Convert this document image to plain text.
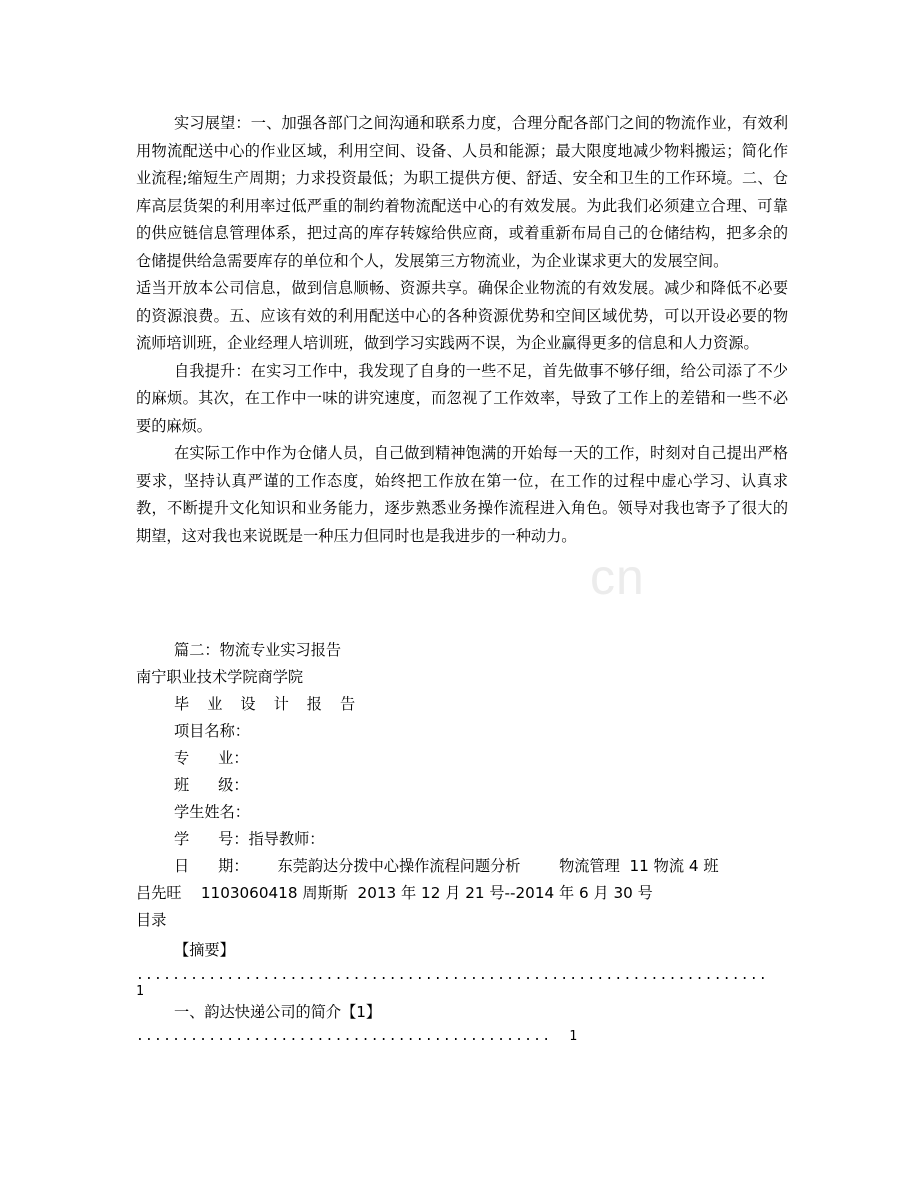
cn

实习展望：一、加强各部门之间沟通和联系力度，合理分配各部门之间的物流作业，有效利用物流配送中心的作业区域，利用空间、设备、人员和能源；最大限度地减少物料搬运；简化作业流程;缩短生产周期；力求投资最低；为职工提供方便、舒适、安全和卫生的工作环境。二、仓库高层货架的利用率过低严重的制约着物流配送中心的有效发展。为此我们必须建立合理、可靠的供应链信息管理体系，把过高的库存转嫁给供应商，或着重新布局自己的仓储结构，把多余的仓储提供给急需要库存的单位和个人，发展第三方物流业，为企业谋求更大的发展空间。

适当开放本公司信息，做到信息顺畅、资源共享。确保企业物流的有效发展。减少和降低不必要的资源浪费。五、应该有效的利用配送中心的各种资源优势和空间区域优势，可以开设必要的物流师培训班，企业经理人培训班，做到学习实践两不误，为企业赢得更多的信息和人力资源。

自我提升：在实习工作中，我发现了自身的一些不足，首先做事不够仔细，给公司添了不少的麻烦。其次，在工作中一味的讲究速度，而忽视了工作效率，导致了工作上的差错和一些不必要的麻烦。

在实际工作中作为仓储人员，自己做到精神饱满的开始每一天的工作，时刻对自己提出严格要求，坚持认真严谨的工作态度，始终把工作放在第一位，在工作的过程中虚心学习、认真求教，不断提升文化知识和业务能力，逐步熟悉业务操作流程进入角色。领导对我也寄予了很大的期望，这对我也来说既是一种压力但同时也是我进步的一种动力。

篇二：物流专业实习报告
南宁职业技术学院商学院
毕业设计报告
项目名称：
专      业：
班      级：
学生姓名：
学      号：指导教师：
日      期：      东莞韵达分拨中心操作流程问题分析        物流管理  11 物流 4 班
吕先旺    1103060418 周斯斯  2013 年 12 月 21 号--2014 年 6 月 30 号
目录
【摘要】
......................................................................
1
一、韵达快递公司的简介【1】
.............................................. 1
